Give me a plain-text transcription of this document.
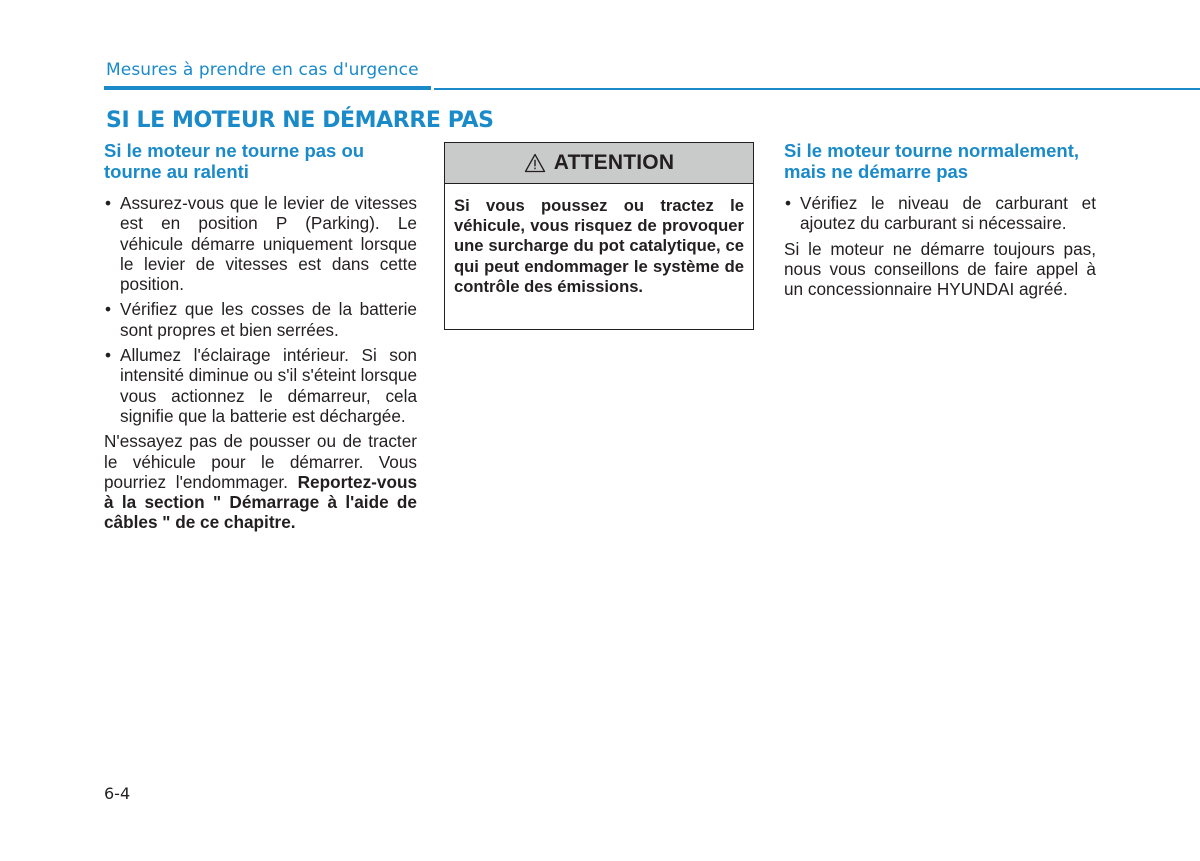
Mesures à prendre en cas d'urgence
SI LE MOTEUR NE DÉMARRE PAS
Si le moteur ne tourne pas ou tourne au ralenti
• Assurez-vous que le levier de vitesses est en position P (Parking). Le véhicule démarre uniquement lorsque le levier de vitesses est dans cette position.
• Vérifiez que les cosses de la batterie sont propres et bien serrées.
• Allumez l'éclairage intérieur. Si son intensité diminue ou s'il s'éteint lorsque vous actionnez le démarreur, cela signifie que la batterie est déchargée.

N'essayez pas de pousser ou de tracter le véhicule pour le démarrer. Vous pourriez l'endommager. Reportez-vous à la section " Démarrage à l'aide de câbles " de ce chapitre.

ATTENTION
Si vous poussez ou tractez le véhicule, vous risquez de provoquer une surcharge du pot catalytique, ce qui peut endommager le système de contrôle des émissions.
Si le moteur tourne normalement, mais ne démarre pas
• Vérifiez le niveau de carburant et ajoutez du carburant si nécessaire.

Si le moteur ne démarre toujours pas, nous vous conseillons de faire appel à un concessionnaire HYUNDAI agréé.

6-4
